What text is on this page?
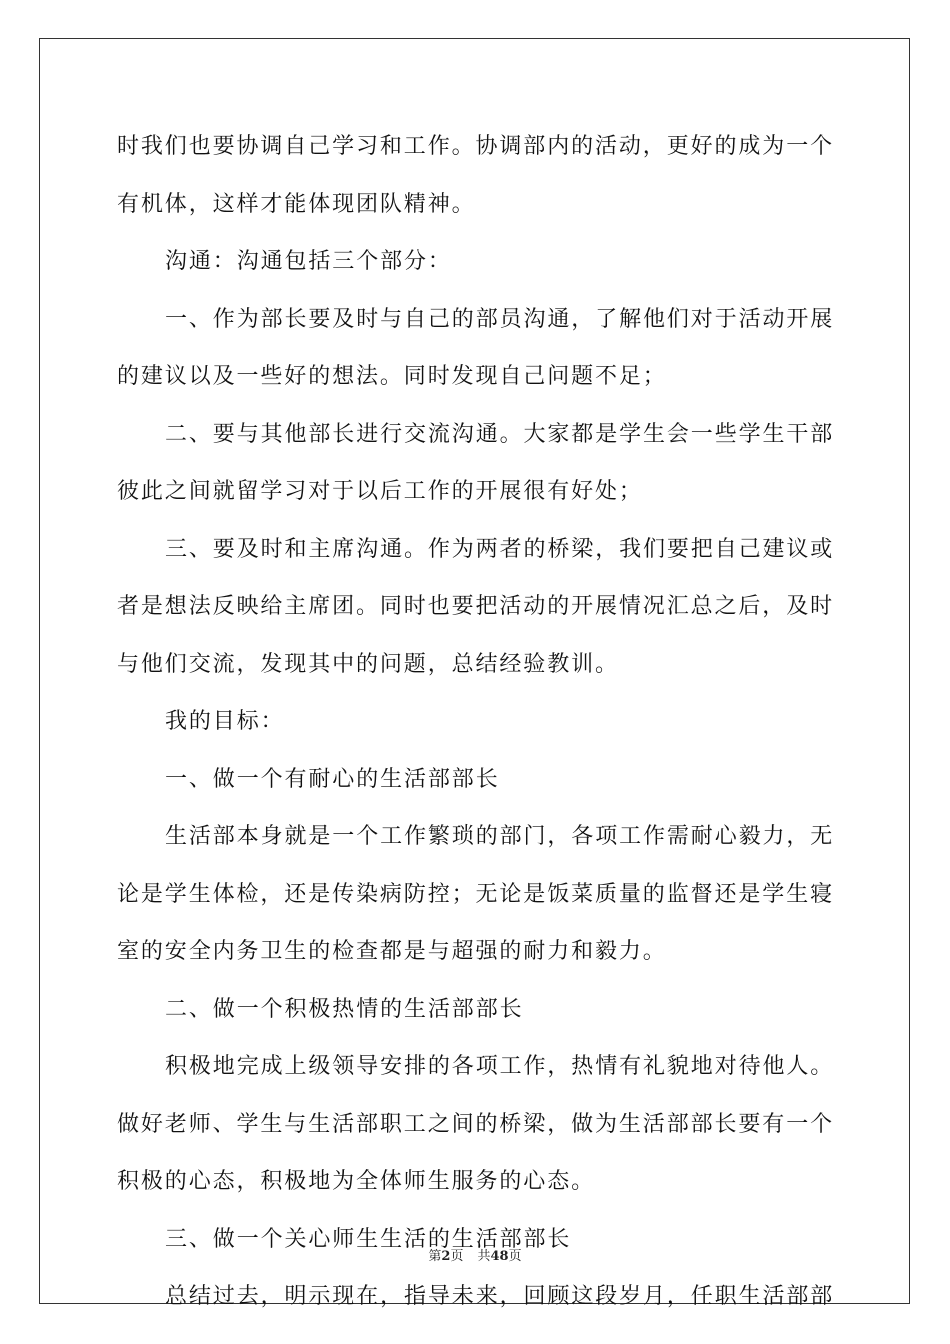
时我们也要协调自己学习和工作。协调部内的活动，更好的成为一个
有机体，这样才能体现团队精神。
沟通：沟通包括三个部分：
一、作为部长要及时与自己的部员沟通，了解他们对于活动开展
的建议以及一些好的想法。同时发现自己问题不足；
二、要与其他部长进行交流沟通。大家都是学生会一些学生干部
彼此之间就留学习对于以后工作的开展很有好处；
三、要及时和主席沟通。作为两者的桥梁，我们要把自己建议或
者是想法反映给主席团。同时也要把活动的开展情况汇总之后，及时
与他们交流，发现其中的问题，总结经验教训。
我的目标：
一、做一个有耐心的生活部部长
生活部本身就是一个工作繁琐的部门，各项工作需耐心毅力，无
论是学生体检，还是传染病防控；无论是饭菜质量的监督还是学生寝
室的安全内务卫生的检查都是与超强的耐力和毅力。
二、做一个积极热情的生活部部长
积极地完成上级领导安排的各项工作，热情有礼貌地对待他人。
做好老师、学生与生活部职工之间的桥梁，做为生活部部长要有一个
积极的心态，积极地为全体师生服务的心态。
三、做一个关心师生生活的生活部部长
总结过去，明示现在，指导未来，回顾这段岁月，任职生活部部
第2页 共48页
